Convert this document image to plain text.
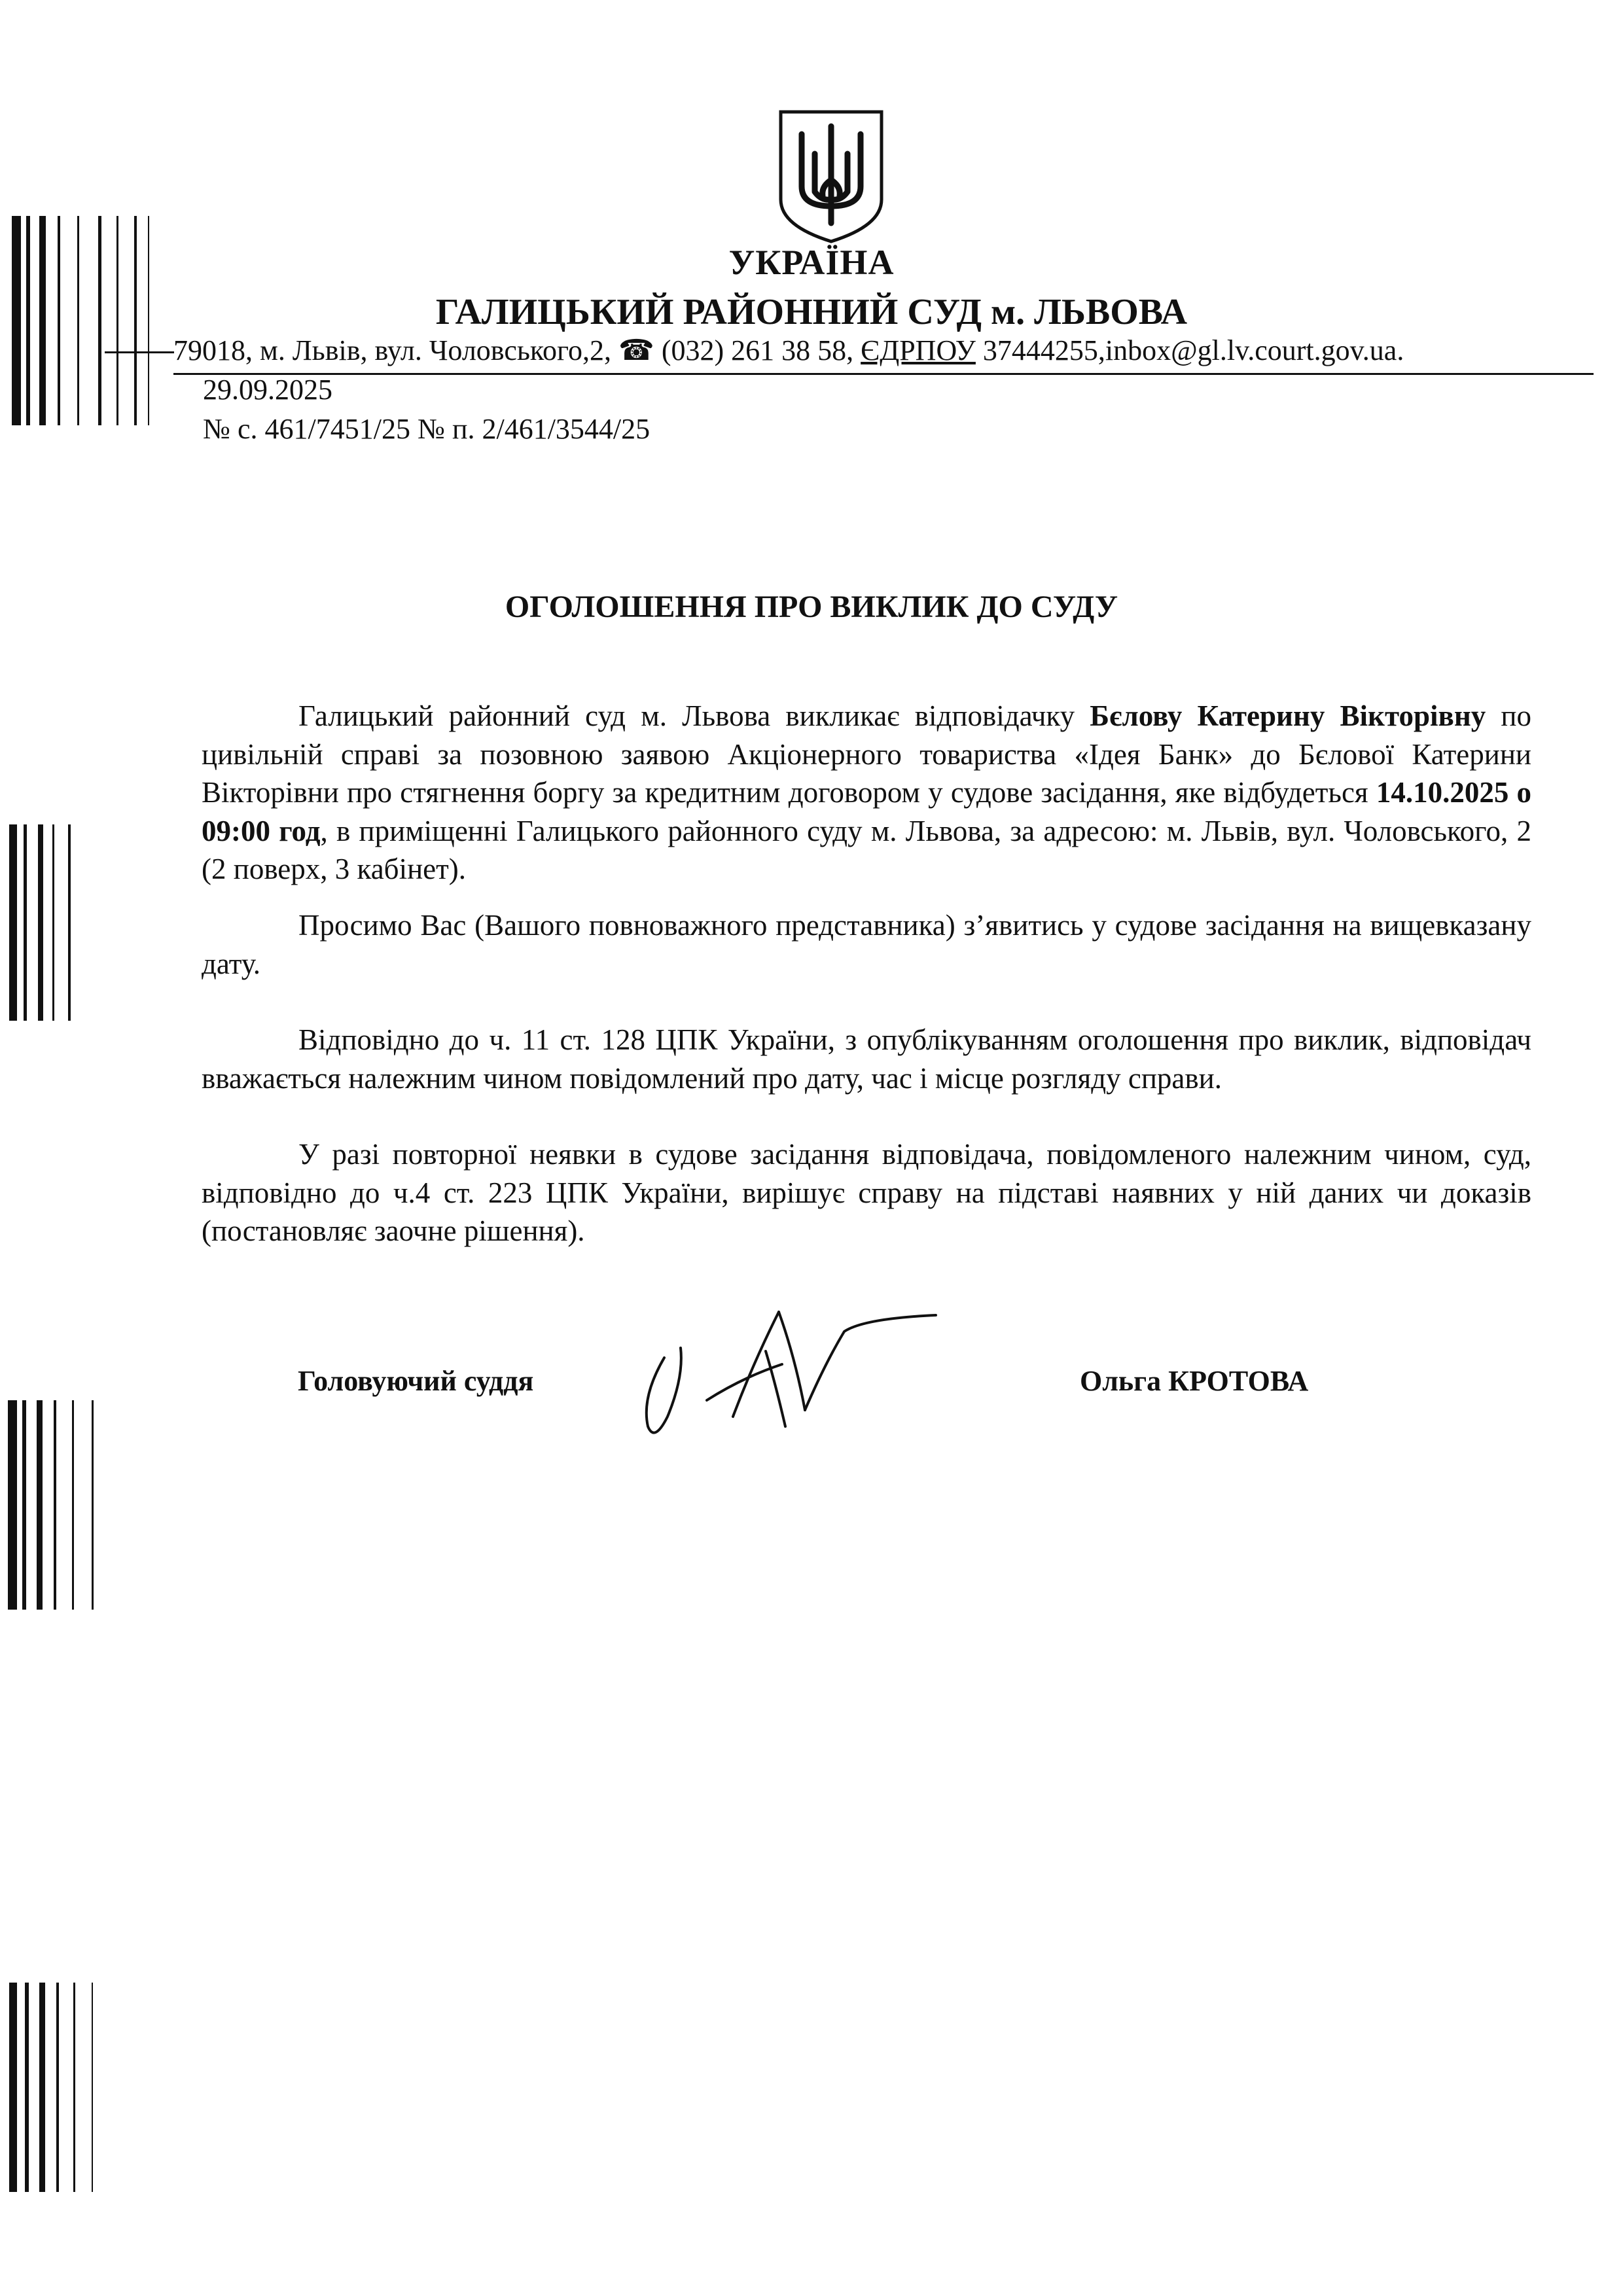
УКРАЇНА
ГАЛИЦЬКИЙ РАЙОННИЙ СУД м. ЛЬВОВА
79018, м. Львів, вул. Чоловського,2, ☎ (032) 261 38 58, ЄДРПОУ 37444255,inbox@gl.lv.court.gov.ua.
29.09.2025
№ с. 461/7451/25 № п. 2/461/3544/25
ОГОЛОШЕННЯ ПРО ВИКЛИК ДО СУДУ

Галицький районний суд м. Львова викликає відповідачку Бєлову Катерину Вікторівну по цивільній справі за позовною заявою Акціонерного товариства «Ідея Банк» до Бєлової Катерини Вікторівни про стягнення боргу за кредитним договором у судове засідання, яке відбудеться 14.10.2025 о 09:00 год, в приміщенні Галицького районного суду м. Львова, за адресою: м. Львів, вул. Чоловського, 2 (2 поверх, 3 кабінет).

Просимо Вас (Вашого повноважного представника) з’явитись у судове засідання на вищевказану дату.

Відповідно до ч. 11 ст. 128 ЦПК України, з опублікуванням оголошення про виклик, відповідач вважається належним чином повідомлений про дату, час і місце розгляду справи.

У разі повторної неявки в судове засідання відповідача, повідомленого належним чином, суд, відповідно до ч.4 ст. 223 ЦПК України, вирішує справу на підставі наявних у ній даних чи доказів (постановляє заочне рішення).

Головуючий суддя	Ольга КРОТОВА
